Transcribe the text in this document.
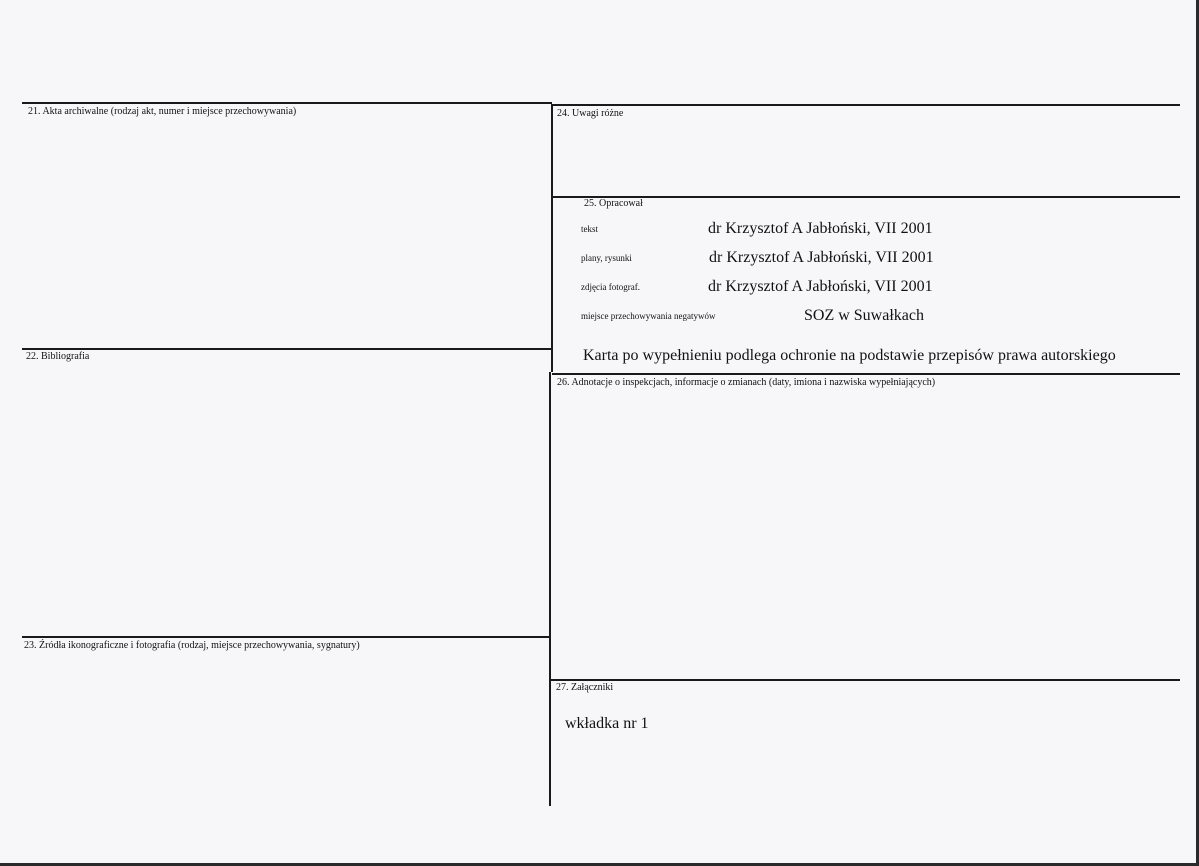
21. Akta archiwalne (rodzaj akt, numer i miejsce przechowywania)
22. Bibliografia
23. Źródła ikonograficzne i fotografia (rodzaj, miejsce przechowywania, sygnatury)
24. Uwagi różne
25. Opracował
tekst	dr Krzysztof A Jabłoński, VII 2001
plany, rysunki	dr Krzysztof A Jabłoński, VII 2001
zdjęcia fotograf.	dr Krzysztof A Jabłoński, VII 2001
miejsce przechowywania negatywów	SOZ w Suwałkach
Karta po wypełnieniu podlega ochronie na podstawie przepisów prawa autorskiego
26. Adnotacje o inspekcjach, informacje o zmianach (daty, imiona i nazwiska wypełniających)
27. Załączniki
wkładka nr 1
